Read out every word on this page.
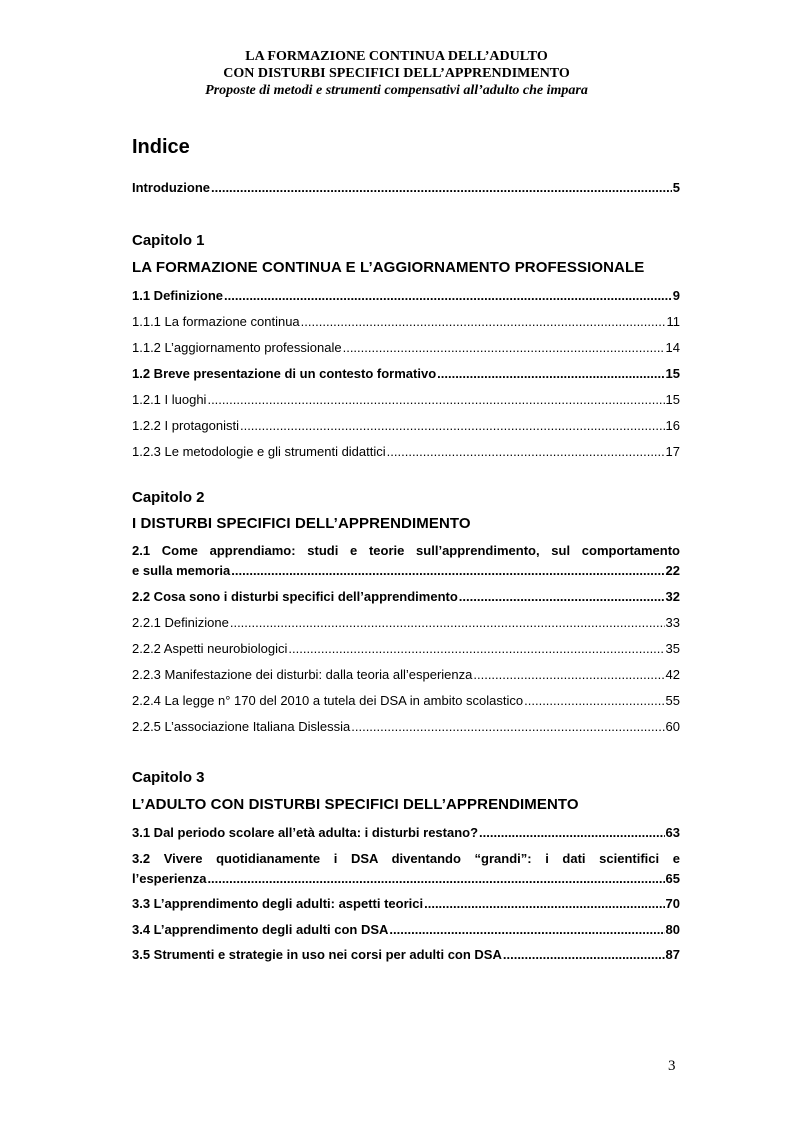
LA FORMAZIONE CONTINUA DELL’ADULTO
CON DISTURBI SPECIFICI DELL’APPRENDIMENTO
Proposte di metodi e strumenti compensativi all’adulto che impara
Indice
Introduzione .....	5
Capitolo 1
LA FORMAZIONE CONTINUA E L’AGGIORNAMENTO PROFESSIONALE
1.1 Definizione .....	9
1.1.1 La formazione continua .....	11
1.1.2 L’aggiornamento professionale .....	14
1.2 Breve presentazione di un contesto formativo .....	15
1.2.1 I luoghi .....	15
1.2.2 I protagonisti .....	16
1.2.3 Le metodologie e gli strumenti didattici .....	17
Capitolo 2
I DISTURBI SPECIFICI DELL’APPRENDIMENTO
2.1 Come apprendiamo: studi e teorie sull’apprendimento, sul comportamento
e sulla memoria .....	22
2.2 Cosa sono i disturbi specifici dell’apprendimento .....	32
2.2.1 Definizione .....	33
2.2.2 Aspetti neurobiologici .....	35
2.2.3 Manifestazione dei disturbi: dalla teoria all’esperienza .....	42
2.2.4 La legge n° 170 del 2010 a tutela dei DSA in ambito scolastico .....	55
2.2.5 L’associazione Italiana Dislessia .....	60
Capitolo 3
L’ADULTO CON DISTURBI SPECIFICI DELL’APPRENDIMENTO
3.1 Dal periodo scolare all’età adulta: i disturbi restano? .....	63
3.2 Vivere quotidianamente i DSA diventando “grandi”: i dati scientifici e
l’esperienza .....	65
3.3 L’apprendimento degli adulti: aspetti teorici .....	70
3.4 L’apprendimento degli adulti con DSA .....	80
3.5 Strumenti e strategie in uso nei corsi per adulti con DSA .....	87
3
